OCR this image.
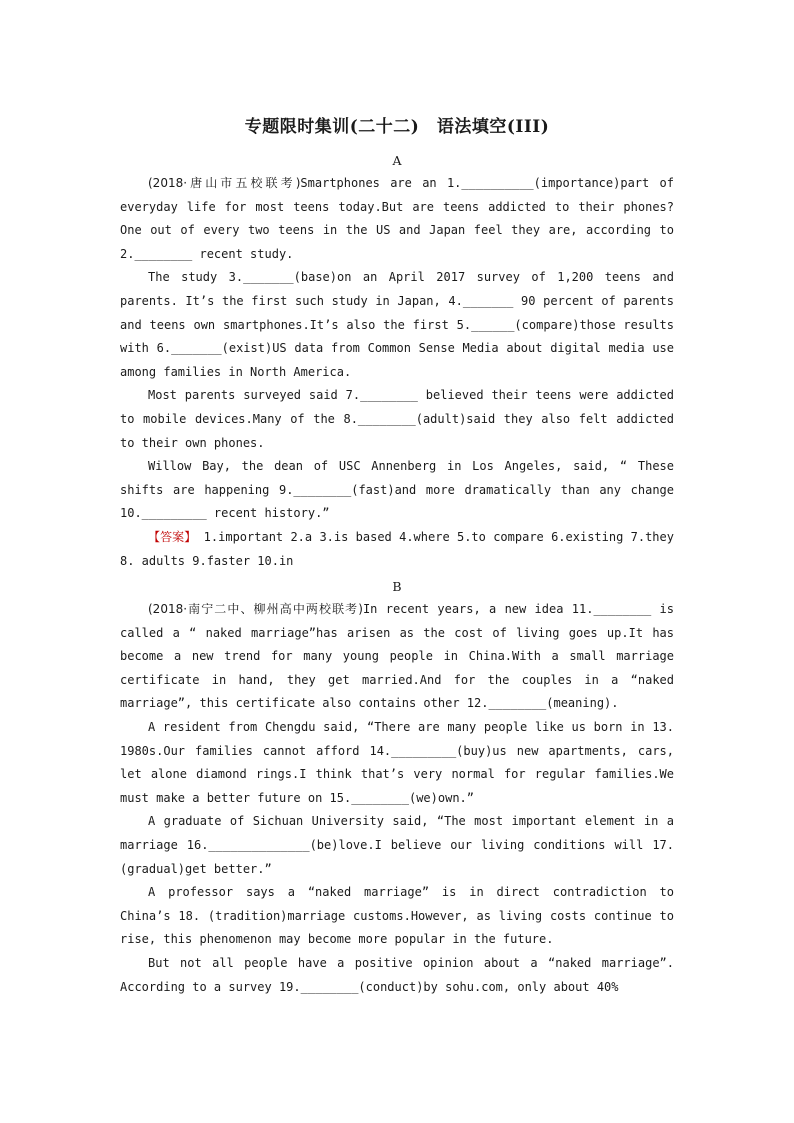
专题限时集训(二十二)　语法填空(III)
A

(2018·唐山市五校联考)Smartphones are an 1.__________(importance)part of everyday life for most teens today.But are teens addicted to their phones? One out of every two teens in the US and Japan feel they are, according to 2.________ recent study.

The study 3._______(base)on an April 2017 survey of 1,200 teens and parents. It’s the first such study in Japan, 4._______ 90 percent of parents and teens own smartphones.It’s also the first 5.______(compare)those results with 6._______(exist)US data from Common Sense Media about digital media use among families in North America.

Most parents surveyed said 7.________ believed their teens were addicted to mobile devices.Many of the 8.________(adult)said they also felt addicted to their own phones.

Willow Bay, the dean of USC Annenberg in Los Angeles, said, “ These shifts are happening 9.________(fast)and more dramatically than any change 10._________ recent history.”

【答案】 1.important 2.a 3.is based 4.where 5.to compare 6.existing 7.they 8. adults 9.faster 10.in

B

(2018·南宁二中、柳州高中两校联考)In recent years, a new idea 11.________ is called a “ naked marriage”has arisen as the cost of living goes up.It has become a new trend for many young people in China.With a small marriage certificate in hand, they get married.And for the couples in a “naked marriage”, this certificate also contains other 12.________(meaning).

A resident from Chengdu said, “There are many people like us born in 13. 1980s.Our families cannot afford 14._________(buy)us new apartments, cars, let alone diamond rings.I think that’s very normal for regular families.We must make a better future on 15.________(we)own.”

A graduate of Sichuan University said, “The most important element in a marriage 16.______________(be)love.I believe our living conditions will 17. (gradual)get better.”

A professor says a “naked marriage” is in direct contradiction to China’s 18. (tradition)marriage customs.However, as living costs continue to rise, this phenomenon may become more popular in the future.

But not all people have a positive opinion about a “naked marriage”. According to a survey 19.________(conduct)by sohu.com, only about 40%
